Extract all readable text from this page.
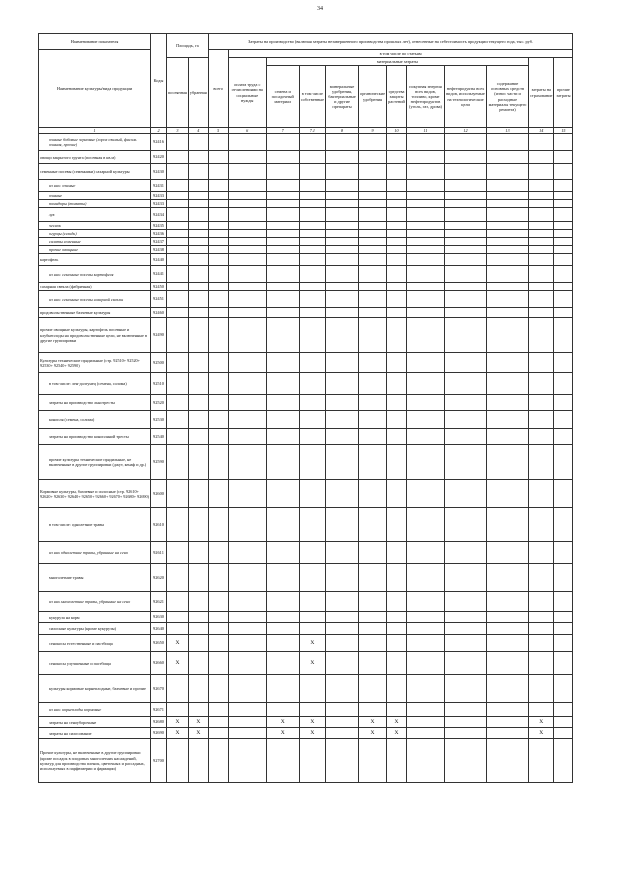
34
Наименование показателя	Коды	Площадь, га		Затраты на производство (включая затраты незавершенного производства прошлых лет), отнесенные на себестоимость продукции текущего года, тыс. руб.											
Наименование культуры/вида продукции				всего	в том числе по статьям										
		посеянная	убранная		оплата труда с отчислениями на социальные нужды	материальные затраты								затраты на страхование	прочие затраты
						семена и посадочный материал	в том числе собственные	минеральные удобрения, бактериальные и другие препараты	органические удобрения	средства защиты растений	покупная энергия всех видов, топливо, кроме нефтепродуктов (уголь, газ, дрова)	нефтепродукты всех видов, используемые на технологические цели	содержание основных средств (износ части и расходные материалы текущего ремонта)		
1	2	3	4	5	6	7	7.1	8	9	10	11	12	13	14	15
озимые бобовые зерновые (горох озимый, фасоль озимая, прочие)	92416														
овощи закрытого грунта (посевная в кв.м)	92420														
семенные посевы (семенники) сахарной культуры	92430														
из них: озимые	92431														
озимые	92433														
помидоры (томаты)	92433														
лук	92434														
чеснок	92435														
огурцы (сельдь)	92436														
салаты семенные	92437														
прочие овощные	92438														
картофель	92440														
из них: семенные посевы картофеля	92441														
сахарная свекла (фабричная)	92450														
из них: семенные посевы сахарной свеклы	92451														
продовольственные бахчевые культуры	92460														
прочие овощные культуры, картофель посевные и клубнеплоды на продовольственные цели, не включенные в другие группировки	92490														
Культуры технические прядильные (стр. 92510+ 92520+ 92530+ 92540+ 92590)	92500														
в том числе: лен-долгунец (семена, солома)	92510														
затраты на производство льнотресты	92520														
конопля (семена, солома)	92530														
затраты на производство конопляной тресты	92540														
прочие культуры технические прядильные, не включенные в другие группировки (джут, кенаф и др.)	92590														
Кормовые культуры, бахчевые и силосные (стр. 92610+ 92620+ 92630+ 92640+ 92650+ 92660+ 92670+ 92680+ 92690)	92600														
в том числе: однолетние травы	92610														
из них однолетние травы, убранные на сено	92611														
многолетние травы	92620														
из них многолетние травы, убранные на сено	92621														
кукуруза на корм	92630														
силосные культуры (кроме кукурузы)	92640														
сенокосы естественные и пастбища	92650	X					X								
сенокосы улучшенные и пастбища	92660	X					X								
культуры кормовые корнеплодные, бахчевые и прочие	92670														
из них: корнеплоды кормовые	92671														
затраты на сеноуборочные	92680	X	X			X	X		X	X				X	
затраты на силосование	92690	X	X			X	X		X	X				X	
Прочие культуры, не включенные в другие группировки (кроме посадок в плодовых многолетних насаждений, культур для производства пленок, цветочных и рассадных, используемых в парфюмерии и фармации)	92700														
